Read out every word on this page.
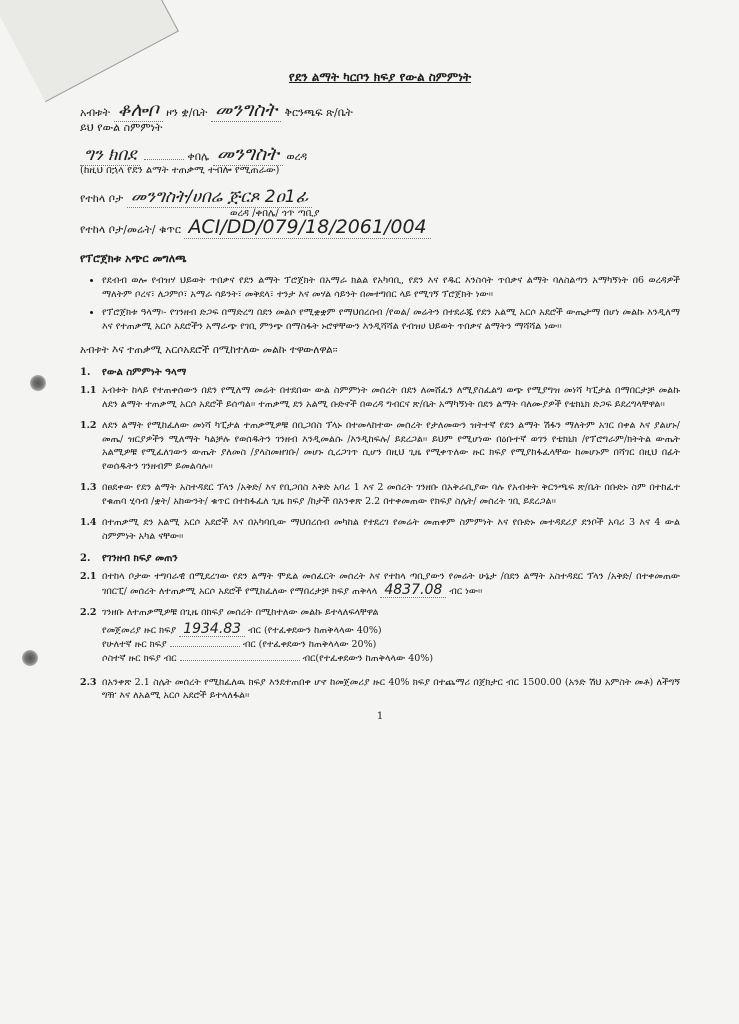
የደን ልማት ካርቦን ክፍያ የውል ስምምነት
አብቱት ቆሎቦ ዞን ቋ/ቤት መንግስት ቅርንጫፍ ጽ/ቤት
ይህ የውል ስምምነት
ግን ክበደ	ቀበሌ መንግስት ወረዳ
(ከዚህ በኋላ የደን ልማት ተጠቃሚ ተብሎ የሚጠራው)
የተከላ ቦታ መንግስት/ሀበሬ ጅርጾ 2ዐ1ፊ
ወረዳ /ቀበሌ/ ጎጥ ጣቢያ
የተከላ ቦታ/መሬት/ ቁጥር ACI/DD/079/18/2061/004
የፕሮጀክቱ አጭር መግለጫ
• የደብብ ወሎ የብዝሃ ህይወት ጥበቃና የደን ልማት ፕሮጀክት በአማራ ክልል የአካባቢ, የደን እና የዱር እንስሳት ጥበቃና ልማት ባለስልጣን አማካኝነት በ6 ወረዳዎች ማለትም ቦረና፣ ለጋምቦ፣ አማራ ሳይንት፣ መቅደላ፣ ተንታ እና መሃል ሳይንት በመተግበር ላይ የሚገኝ ፕሮጀክት ነው፡፡
• የፕሮጀክቱ ዓላማ፡- የገንዘብ ድጋፍ በማድረግ በደን መልሶ የሚቋቋም የማህበረሰብ /የወል/ መሬትን በተደራጁ የደን አልሚ አርሶ አደሮች ውጤታማ በሆነ መልኩ እንዲለማ እና የተጠቃሚ አርሶ አደሮችን አማራጭ የገቢ ምንጭ በማስፋት ኑሮዋቸውን እንዲሻሻል የብዝሀ ህይወት ጥበቃና ልማትን ማሻሻል ነው፡፡
አብቱት እና ተጠቃሚ አርሶአደሮች በሚከተለው መልኩ ተዋውለዋል፡፡
1.	የውል ስምምነት ዓላማ
1.1 አብቱት ከላይ የተጠቀሰውን በደን የሚለማ መሬት በተደበው ውል ስምምነት መሰረት በደን ለመሸፈን ለሚያስፈልግ ወጭ የሚያግዝ መነሻ ካፒታል በማበርታቻ መልኩ ለደን ልማት ተጠቃሚ አርሶ አደሮች ይሰጣል፡፡ ተጠቃሚ ደን አልሚ ቡድኖች በወረዳ ግብርና ጽ/ቤት አማካኝነት በደን ልማት ባለሙያዎች የቴክኒክ ድጋፍ ይደረግላቸዋል፡፡
1.2 ለደን ልማት የሚከፈለው መነሻ ካፒታል ተጠቃሚዎቹ በቢጋበስ ፕላኑ በተመላከተው መሰረት የታለመውን ዝትተኛ የደን ልማት ሽፋን ማለትም አገር በቀል እና ያልሆኑ/መጤ/ ዝርያዎችን ሚለማት ካልቻሉ የወሰዱትን ገንዘብ እንዲመልሱ /እንዲከፍሉ/ ይደረጋል፡፡ ይህም የሚሆነው በዕቡተኛ ወገን የቴክኒክ /የፕሮግራም/ክትትል ውጤት አልሚዎቹ የሚፈለገውን ውጤት ያለመስ /ያላስመዘገቡ/ መሆኑ ሲረጋገጥ ሲሆን በዚህ ጊዜ የሚቀጥለው ዙር ክፍያ የሚያከፋፈላቸው ከመሆኑም በሻገር በዚህ በፊት የወሰዱትን ገንዘብም ይመልሳሉ፡፡
1.3 በፀደቀው የደን ልማት አስተዳደር ፕላን /አቅድ/ እና የቢጋበስ እቅድ አባሪ 1 እና 2 መሰረት ገንዘቡ በአቅራቢያው ባሉ የአብቱት ቅርንጫፍ ጽ/ቤት በቡድኑ ስም በተከፈተ የቁጠባ ሂሳብ /ቋት/ አከውንት/ ቁጥር በተከፋፈለ ጊዜ ክፍያ /ከታች በአንቀጽ 2.2 በተቀመጠው የክፍያ ስሌት/ መሰረት ገቢ ይደረጋል፡፡
1.4 በተጠቃሚ ደን አልሚ አርሶ አደሮች እና በአካባቢው ማህበረሰብ መካከል የተደረገ የመሬት መጠቀም ስምምነት እና የቡድኑ መተዳደሪያ ደንቦች አባሪ 3 እና 4 ውል ስምምነት አካል ናቸው፡፡
2.	የገንዘብ ክፍያ መጠን
2.1 በተከላ ቦታው ተግባራዊ በሚደረገው የደን ልማት ሞዴል መሰፈርት መሰረት እና የተከላ ጣቢያውን የመሬት ሁኔታ /በደን ልማት አስተዳደር ፕላን /አቅድ/ በተቀመጠው ገበርፒ/ መሰረት ለተጠቃሚ አርሶ አደሮች የሚከፈለው የማበረታቻ ክፍያ ጠቅላላ 4837.08 ብር ነው፡፡
2.2 ገንዘቡ ለተጠቃሚዎቹ በጊዜ በክፍያ መሰረት በሚከተለው መልኩ ይተላለፍላቸዋል
የመጀመሪያ ዙር ክፍያ 1934.83 ብር (የተፈቀደውን ከጠቅላላው 40%)
የሁለተኛ ዙር ክፍያ	ብር (የተፈቀደውን ከጠቅላላው 20%)
ሶስተኛ ዙር ክፍያ ብር	ብር(የተፈቀደውን ከጠቅላላው 40%)
2.3 በአንቀጽ 2.1 ስሌት መሰረት የሚከፈለዉ ክፍያ እንደተጠበቀ ሆኖ ከመጀመሪያ ዙር 40% ክፍያ በተጨማሪ በጀክታር ብር 1500.00 (አንድ ሽህ አምስት መቶ) ለችግኝ ግዥ እና ለአልሚ አርሶ አደሮች ይተላለፋል፡፡
1
